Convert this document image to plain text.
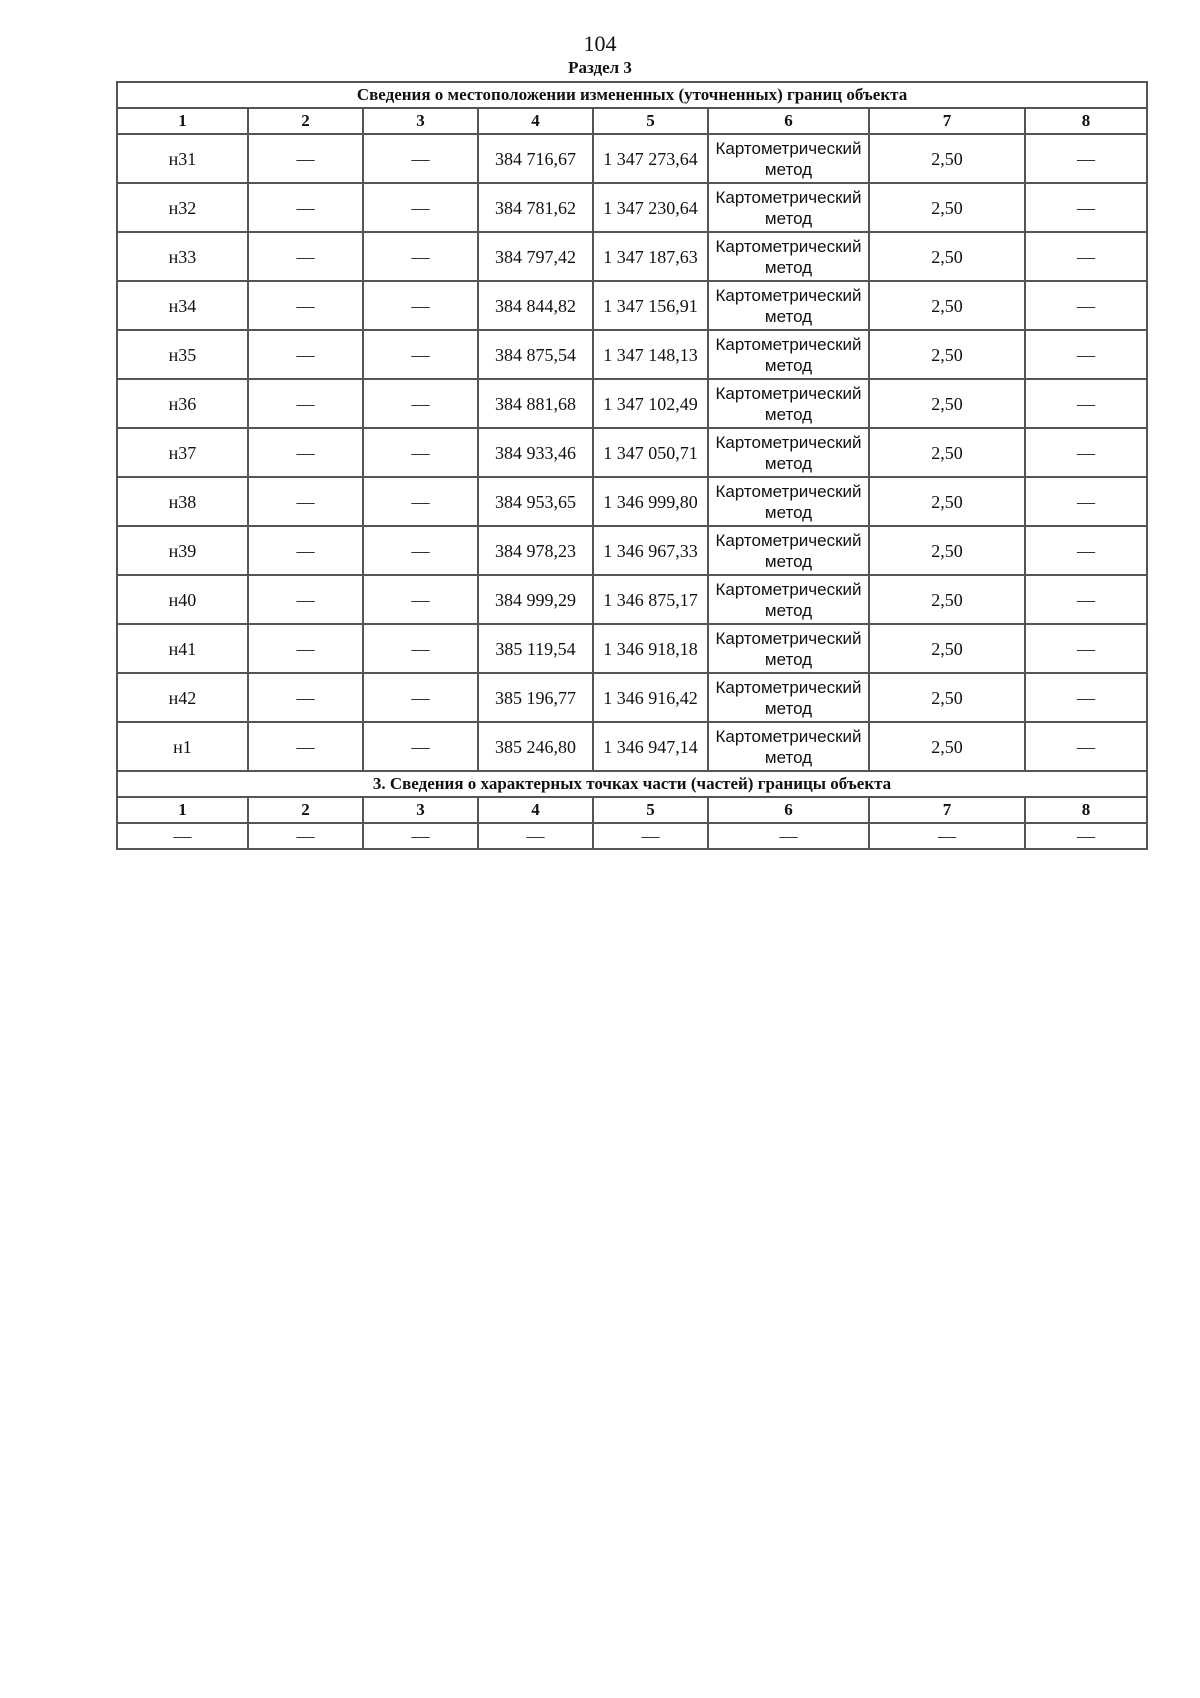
104
Раздел 3
Сведения о местоположении измененных (уточненных) границ объекта							
1	2	3	4	5	6	7	8
н31	—	—	384 716,67	1 347 273,64	Картометрический метод	2,50	—
н32	—	—	384 781,62	1 347 230,64	Картометрический метод	2,50	—
н33	—	—	384 797,42	1 347 187,63	Картометрический метод	2,50	—
н34	—	—	384 844,82	1 347 156,91	Картометрический метод	2,50	—
н35	—	—	384 875,54	1 347 148,13	Картометрический метод	2,50	—
н36	—	—	384 881,68	1 347 102,49	Картометрический метод	2,50	—
н37	—	—	384 933,46	1 347 050,71	Картометрический метод	2,50	—
н38	—	—	384 953,65	1 346 999,80	Картометрический метод	2,50	—
н39	—	—	384 978,23	1 346 967,33	Картометрический метод	2,50	—
н40	—	—	384 999,29	1 346 875,17	Картометрический метод	2,50	—
н41	—	—	385 119,54	1 346 918,18	Картометрический метод	2,50	—
н42	—	—	385 196,77	1 346 916,42	Картометрический метод	2,50	—
н1	—	—	385 246,80	1 346 947,14	Картометрический метод	2,50	—
3. Сведения о характерных точках части (частей) границы объекта							
1	2	3	4	5	6	7	8
—	—	—	—	—	—	—	—
